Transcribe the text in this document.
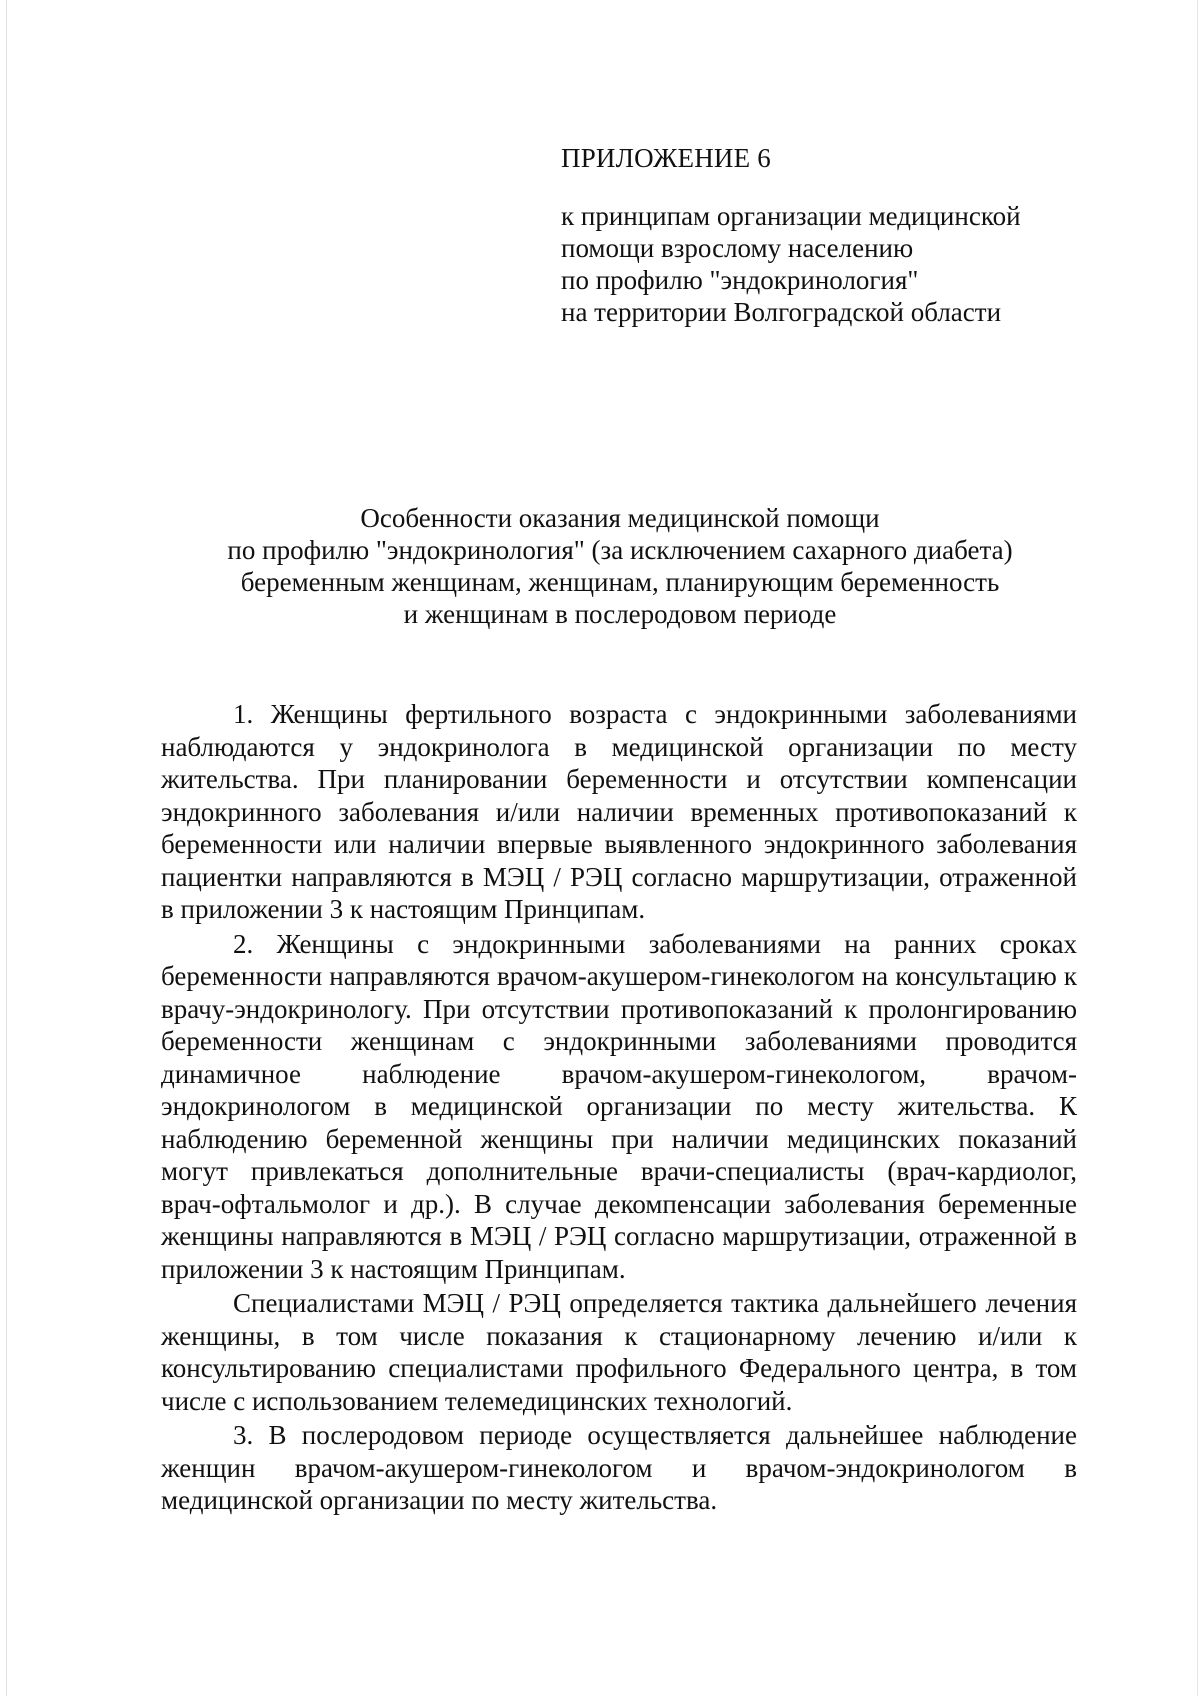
ПРИЛОЖЕНИЕ 6

к принципам организации медицинской
помощи взрослому населению
по профилю "эндокринология"
на территории Волгоградской области

Особенности оказания медицинской помощи
по профилю "эндокринология" (за исключением сахарного диабета)
беременным женщинам, женщинам, планирующим беременность
и женщинам в послеродовом периоде

1. Женщины фертильного возраста с эндокринными заболеваниями наблюдаются у эндокринолога в медицинской организации по месту жительства. При планировании беременности и отсутствии компенсации эндокринного заболевания и/или наличии временных противопоказаний к беременности или наличии впервые выявленного эндокринного заболевания пациентки направляются в МЭЦ / РЭЦ согласно маршрутизации, отраженной в приложении 3 к настоящим Принципам.

2. Женщины с эндокринными заболеваниями на ранних сроках беременности направляются врачом-акушером-гинекологом на консультацию к врачу-эндокринологу. При отсутствии противопоказаний к пролонгированию беременности женщинам с эндокринными заболеваниями проводится динамичное наблюдение врачом-акушером-гинекологом, врачом-эндокринологом в медицинской организации по месту жительства. К наблюдению беременной женщины при наличии медицинских показаний могут привлекаться дополнительные врачи-специалисты (врач-кардиолог, врач-офтальмолог и др.). В случае декомпенсации заболевания беременные женщины направляются в МЭЦ / РЭЦ согласно маршрутизации, отраженной в приложении 3 к настоящим Принципам.

Специалистами МЭЦ / РЭЦ определяется тактика дальнейшего лечения женщины, в том числе показания к стационарному лечению и/или к консультированию специалистами профильного Федерального центра, в том числе с использованием телемедицинских технологий.

3. В послеродовом периоде осуществляется дальнейшее наблюдение женщин врачом-акушером-гинекологом и врачом-эндокринологом в медицинской организации по месту жительства.
